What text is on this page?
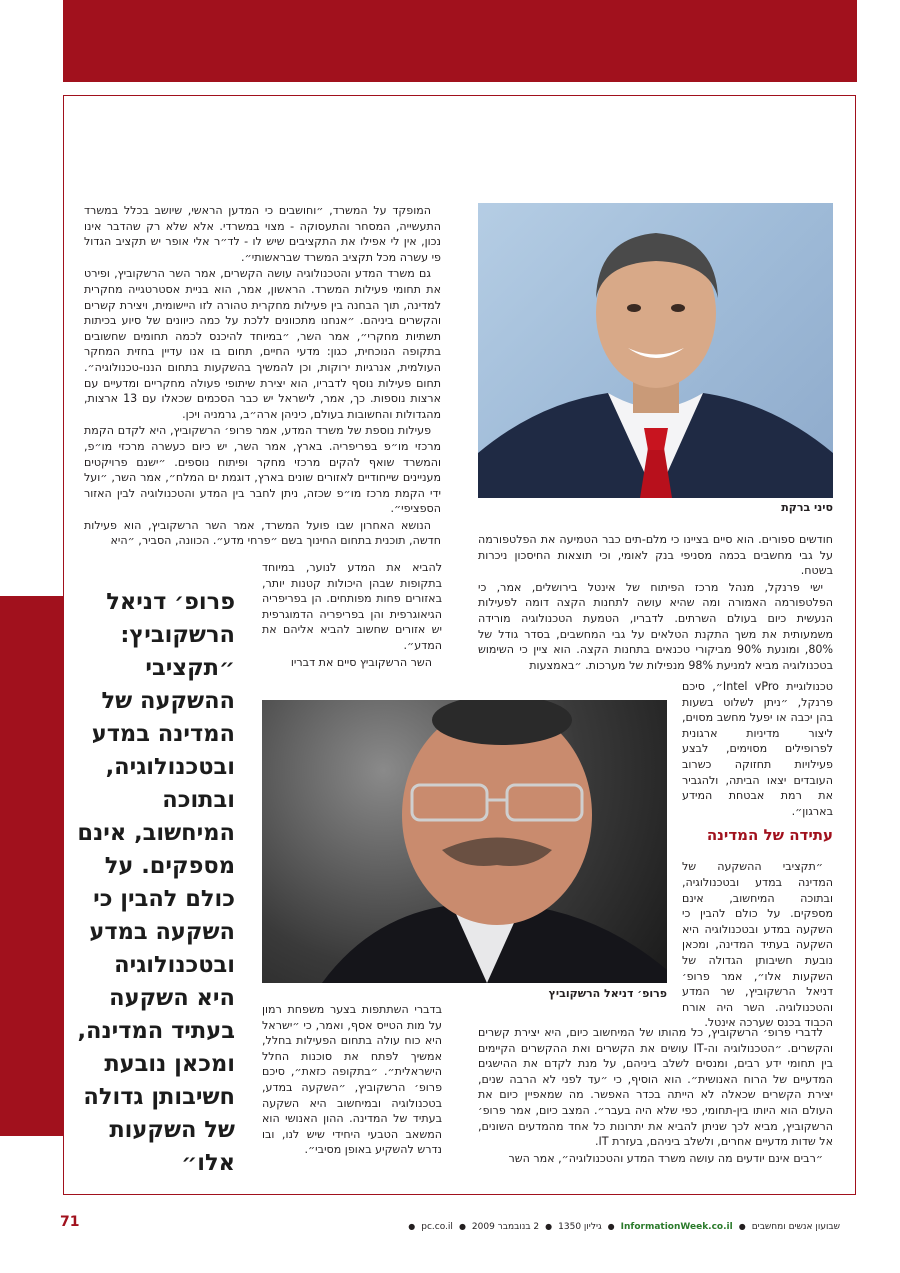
סיני ברקת
פרופ׳ דניאל הרשקוביץ
פרופ׳ דניאל הרשקוביץ: ״תקציבי ההשקעה של המדינה במדע ובטכנולוגיה, ובתוכה המיחשוב, אינם מספקים. על כולם להבין כי השקעה במדע ובטכנולוגיה היא השקעה בעתיד המדינה, ומכאן נובעת חשיבותן גדולה של השקעות אלו״

המופקד על המשרד, ״וחושבים כי המדען הראשי, שיושב בכלל במשרד התעשייה, המסחר והתעסוקה - מצוי במשרדי. אלא שלא רק שהדבר אינו נכון, אין לי אפילו את התקציבים שיש לו - לד״ר אלי אופר יש תקציב הגדול פי עשרה מכל תקציב המשרד שבראשותי״.

גם משרד המדע והטכנולוגיה עושה הקשרים, אמר השר הרשקוביץ, ופירט את תחומי פעילות המשרד. הראשון, אמר, הוא בניית אסטרטגייה מחקרית למדינה, תוך הבחנה בין פעילות מחקרית טהורה לזו היישומית, ויצירת קשרים והקשרים ביניהם. ״אנחנו מתכוונים ללכת על כמה כיוונים של סיוע בכיתות תשתיות מחקרי״, אמר השר, ״במיוחד להיכנס לכמה תחומים שחשובים בתקופה הנוכחית, כגון: מדעי החיים, תחום בו אנו עדיין בחזית המחקר העולמית, אנרגיות ירוקות, וכן להמשיך בהשקעות בתחום הננו-טכנולוגיה״. תחום פעילות נוסף לדבריו, הוא יצירת שיתופי פעולה מחקריים ומדעיים עם ארצות נוספות. כך, אמר, לישראל יש כבר הסכמים שכאלו עם 13 ארצות, מהגדולות והחשובות בעולם, כיניהן ארה״ב, גרמניה ויכן.

פעילות נוספת של משרד המדע, אמר פרופ׳ הרשקוביץ, היא לקדם הקמת מרכזי מו״פ בפריפריה. בארץ, אמר השר, יש כיום כעשרה מרכזי מו״פ, והמשרד שואף להקים מרכזי מחקר ופיתוח נוספים. ״ישנם פרויקטים מעניינים שייחודיים לאזורים שונים בארץ, דוגמת ים המלח״, אמר השר, ״ועל ידי הקמת מרכז מו״פ שכזה, ניתן לחבר בין המדע והטכנולוגיה לבין האזור הספציפי״.

הנושא האחרון שבו פועל המשרד, אמר השר הרשקוביץ, הוא פעילות חדשה, תוכנית בתחום החינוך בשם ״פרחי מדע״. הכוונה, הסביר, ״היא

להביא את המדע לנוער, במיוחד בתקופות שבהן היכולות קטנות יותר, באזורים פחות מפותחים. הן בפריפריה הגיאוגרפית והן בפריפריה הדמוגרפית יש אזורים שחשוב להביא אליהם את המדע״.

השר הרשקוביץ סיים את דבריו

בדברי השתתפות בצער משפחת רמון על מות הטייס אסף, ואמר, כי ״ישראל היא כוח עולה בתחום הפעילות בחלל, אמשיך לפתח את סוכנות החלל הישראלית״. ״בתקופה כזאת״, סיכם פרופ׳ הרשקוביץ, ״השקעה במדע, בטכנולוגיה ובמיחשוב היא השקעה בעתיד של המדינה. ההון האנושי הוא המשאב הטבעי היחידי שיש לנו, ובו נדרש להשקיע באופן מסיבי״.

חודשים ספורים. הוא סיים בציינו כי מלם-תים כבר הטמיעה את הפלטפורמה על גבי מחשבים בכמה מסניפי בנק לאומי, וכי תוצאות החיסכון ניכרות בשטח.

ישי פרנקל, מנהל מרכז הפיתוח של אינטל בירושלים, אמר, כי הפלטפורמה האמורה ומה שהיא עושה לתחנות הקצה דומה לפעילות הנעשית כיום בעולם השרתים. לדבריו, הטמעת הטכנולוגיה מורידה משמעותית את משך התקנת הטלאים על גבי המחשבים, בסדר גודל של 80%, ומונעת 90% מביקורי טכנאים בתחנות הקצה. הוא ציין כי השימוש בטכנולוגיה מביא למניעת 98% מנפילות של מערכות. ״באמצעות

טכנולוגיית Intel vPro״, סיכם פרנקל, ״ניתן לשלוט בשעות בהן יכבה או יפעל מחשב מסוים, ליצור מדיניות ארגונית לפרופילים מסוימים, לבצע פעילויות תחזוקה כשרוב העובדים יצאו הביתה, ולהגביר את רמת אבטחת המידע בארגון״.

״תקציבי ההשקעה של המדינה במדע ובטכנולוגיה, ובתוכה המיחשוב, אינם מספקים. על כולם להבין כי השקעה במדע ובטכנולוגיה היא השקעה בעתיד המדינה, ומכאן נובעת חשיבותן הגדולה של השקעות אלו״, אמר פרופ׳ דניאל הרשקוביץ, שר המדע והטכנולוגיה. השר היה אורח הכבוד בכנס שערכה אינטל.

עתידה של המדינה

לדברי פרופ׳ הרשקוביץ, כל מהותו של המיחשוב כיום, היא יצירת קשרים והקשרים. ״הטכנולוגיה וה-IT עושים את הקשרים ואת ההקשרים הקיימים בין תחומי ידע רבים, ומנסים לשלב ביניהם, על מנת לקדם את ההישגים המדעיים של הרוח האנושית״. הוא הוסיף, כי ״עד לפני לא הרבה שנים, יצירת הקשרים שכאלה לא הייתה בכדר האפשר. מה שמאפיין כיום את העולם הוא היותו בין-תחומי, כפי שלא היה בעבר״. המצב כיום, אמר פרופ׳ הרשקוביץ, מביא לכך שניתן להביא את יתרונות כל אחד מהמדעים השונים, אל שדות מדעיים אחרים, ולשלב ביניהם, בעזרת IT.

״רבים אינם יודעים מה עושה משרד המדע והטכנולוגיה״, אמר השר

שבועון אנשים ומחשבים
●
InformationWeek.co.il
●
גיליון 1350
●
2 בנובמבר 2009
●
pc.co.il
●
71
